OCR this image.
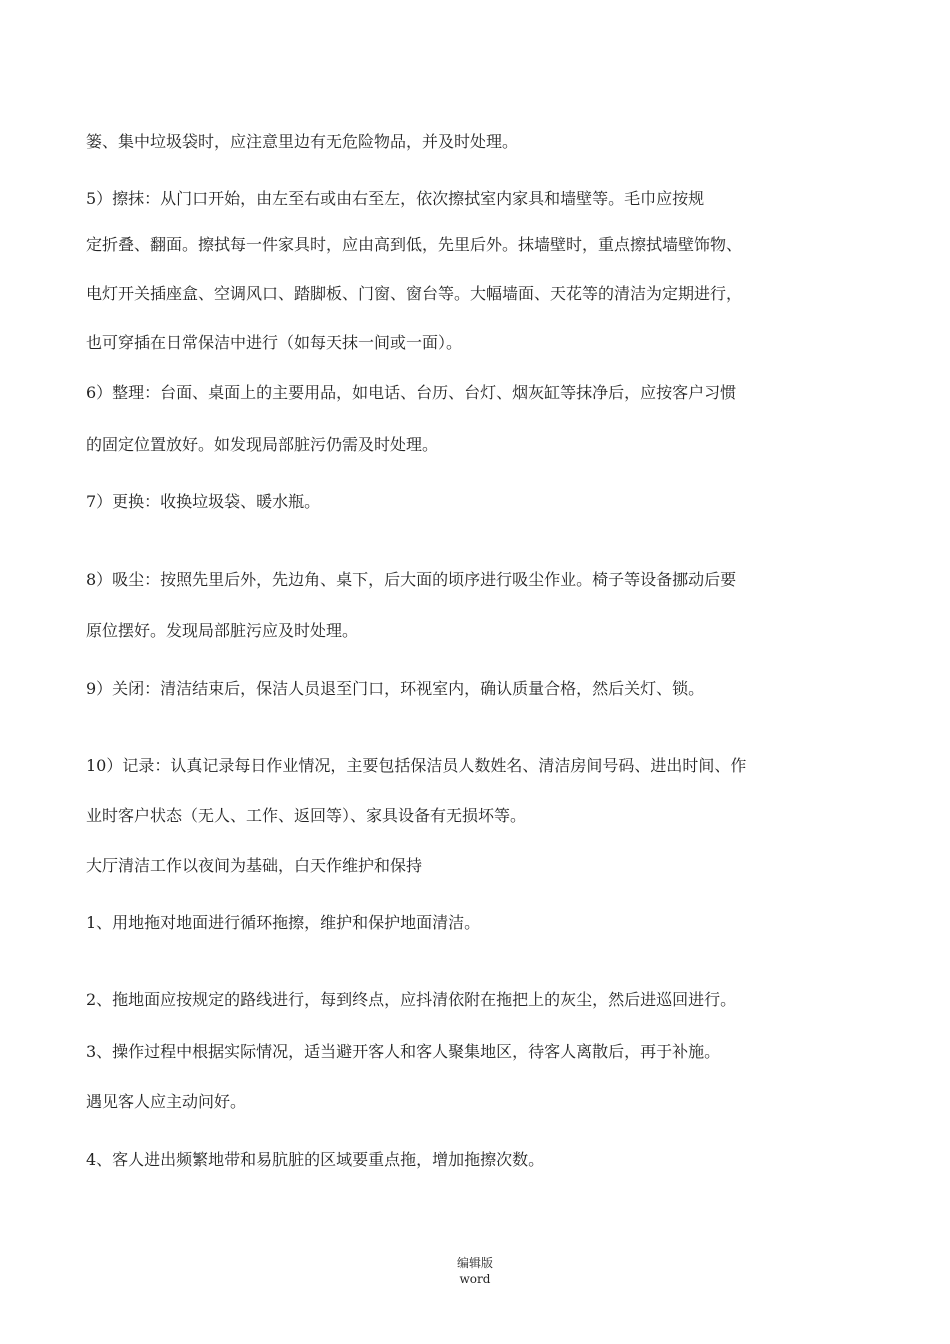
篓、集中垃圾袋时，应注意里边有无危险物品，并及时处理。
5）擦抹：从门口开始，由左至右或由右至左，依次擦拭室内家具和墙壁等。毛巾应按规
定折叠、翻面。擦拭每一件家具时，应由高到低，先里后外。抹墙壁时，重点擦拭墙壁饰物、
电灯开关插座盒、空调风口、踏脚板、门窗、窗台等。大幅墙面、天花等的清洁为定期进行，
也可穿插在日常保洁中进行（如每天抹一间或一面）。
6）整理：台面、桌面上的主要用品，如电话、台历、台灯、烟灰缸等抹净后，应按客户习惯
的固定位置放好。如发现局部脏污仍需及时处理。
7）更换：收换垃圾袋、暖水瓶。
8）吸尘：按照先里后外，先边角、桌下，后大面的顷序进行吸尘作业。椅子等设备挪动后要
原位摆好。发现局部脏污应及时处理。
9）关闭：清洁结束后，保洁人员退至门口，环视室内，确认质量合格，然后关灯、锁。
10）记录：认真记录每日作业情况，主要包括保洁员人数姓名、清洁房间号码、进出时间、作
业时客户状态（无人、工作、返回等）、家具设备有无损坏等。
大厅清洁工作以夜间为基础，白天作维护和保持
1、用地拖对地面进行循环拖擦，维护和保护地面清洁。
2、拖地面应按规定的路线进行，每到终点，应抖清依附在拖把上的灰尘，然后进巡回进行。
3、操作过程中根据实际情况，适当避开客人和客人聚集地区，待客人离散后，再于补施。
遇见客人应主动问好。
4、客人进出频繁地带和易肮脏的区域要重点拖，增加拖擦次数。
编辑版
word
